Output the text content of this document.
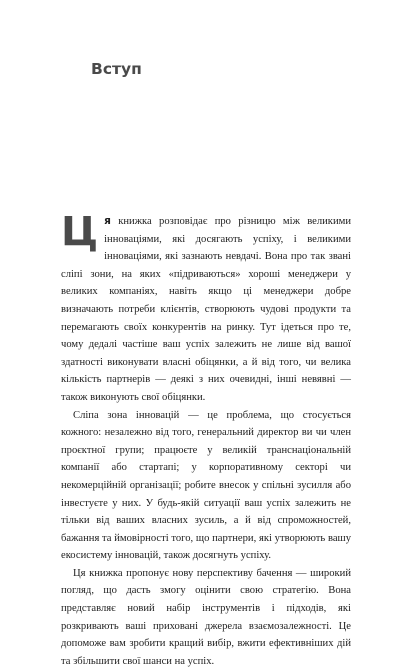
Вступ

Ця книжка розповідає про різницю між великими інноваціями, які досягають успіху, і великими інноваціями, які зазнають невдачі. Вона про так звані сліпі зони, на яких «підриваються» хороші менеджери у великих компаніях, навіть якщо ці менеджери добре визначають потреби клієнтів, створюють чудові продукти та перемагають своїх конкурентів на ринку. Тут ідеться про те, чому дедалі частіше ваш успіх залежить не лише від вашої здатності виконувати власні обіцянки, а й від того, чи велика кількість партнерів — деякі з них очевидні, інші невявні — також виконують свої обіцянки.

Сліпа зона інновацій — це проблема, що стосується кожного: незалежно від того, генеральний директор ви чи член проєктної групи; працюєте у великій транснаціональній компанії або стартапі; у корпоративному секторі чи некомерційній організації; робите внесок у спільні зусилля або інвестуєте у них. У будь-якій ситуації ваш успіх залежить не тільки від ваших власних зусиль, а й від спроможностей, бажання та ймовірності того, що партнери, які утворюють вашу екосистему інновацій, також досягнуть успіху.

Ця книжка пропонує нову перспективу бачення — широкий погляд, що дасть змогу оцінити свою стратегію. Вона представляє новий набір інструментів і підходів, які розкривають ваші приховані джерела взаємозалежності. Це допоможе вам зробити кращий вибір, вжити ефективніших дій та збільшити свої шанси на успіх.
